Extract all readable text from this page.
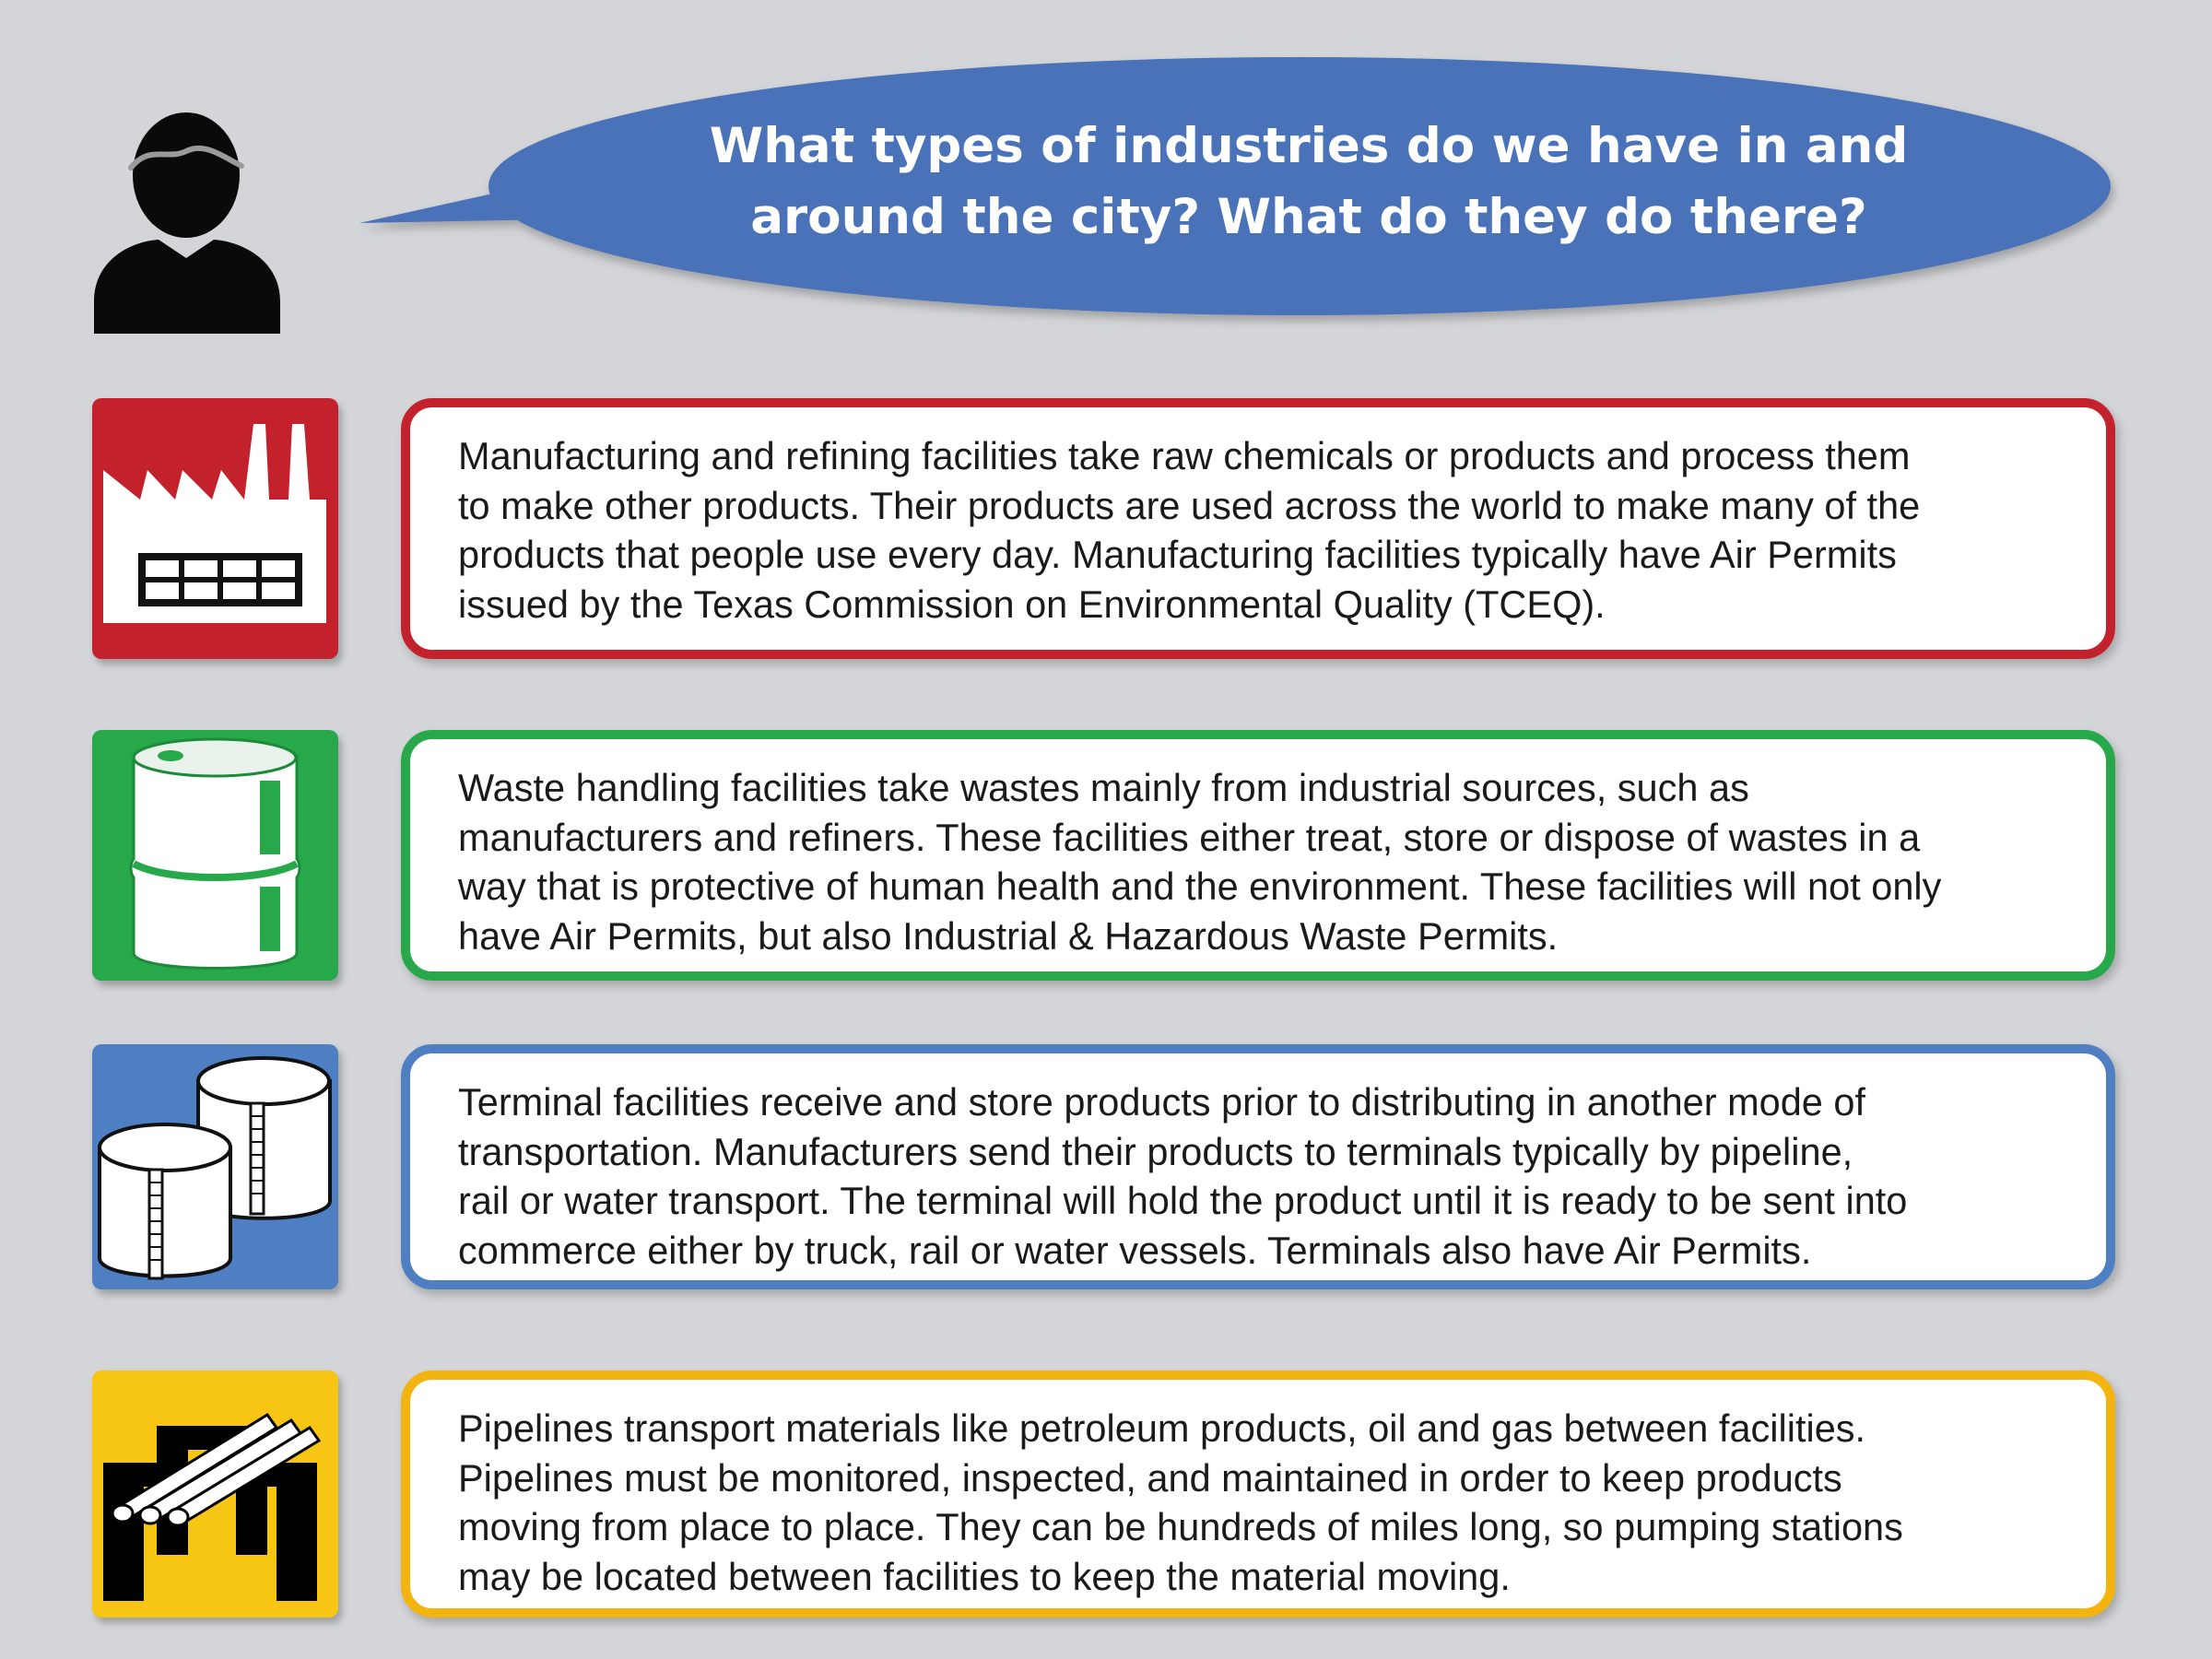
What types of industries do we have in and
around the city? What do they do there?

Manufacturing and refining facilities take raw chemicals or products and process them
to make other products. Their products are used across the world to make many of the
products that people use every day. Manufacturing facilities typically have Air Permits
issued by the Texas Commission on Environmental Quality (TCEQ).

Waste handling facilities take wastes mainly from industrial sources, such as
manufacturers and refiners. These facilities either treat, store or dispose of wastes in a
way that is protective of human health and the environment. These facilities will not only
have Air Permits, but also Industrial & Hazardous Waste Permits.

Terminal facilities receive and store products prior to distributing in another mode of
transportation. Manufacturers send their products to terminals typically by pipeline,
rail or water transport. The terminal will hold the product until it is ready to be sent into
commerce either by truck, rail or water vessels. Terminals also have Air Permits.

Pipelines transport materials like petroleum products, oil and gas between facilities.
Pipelines must be monitored, inspected, and maintained in order to keep products
moving from place to place. They can be hundreds of miles long, so pumping stations
may be located between facilities to keep the material moving.
